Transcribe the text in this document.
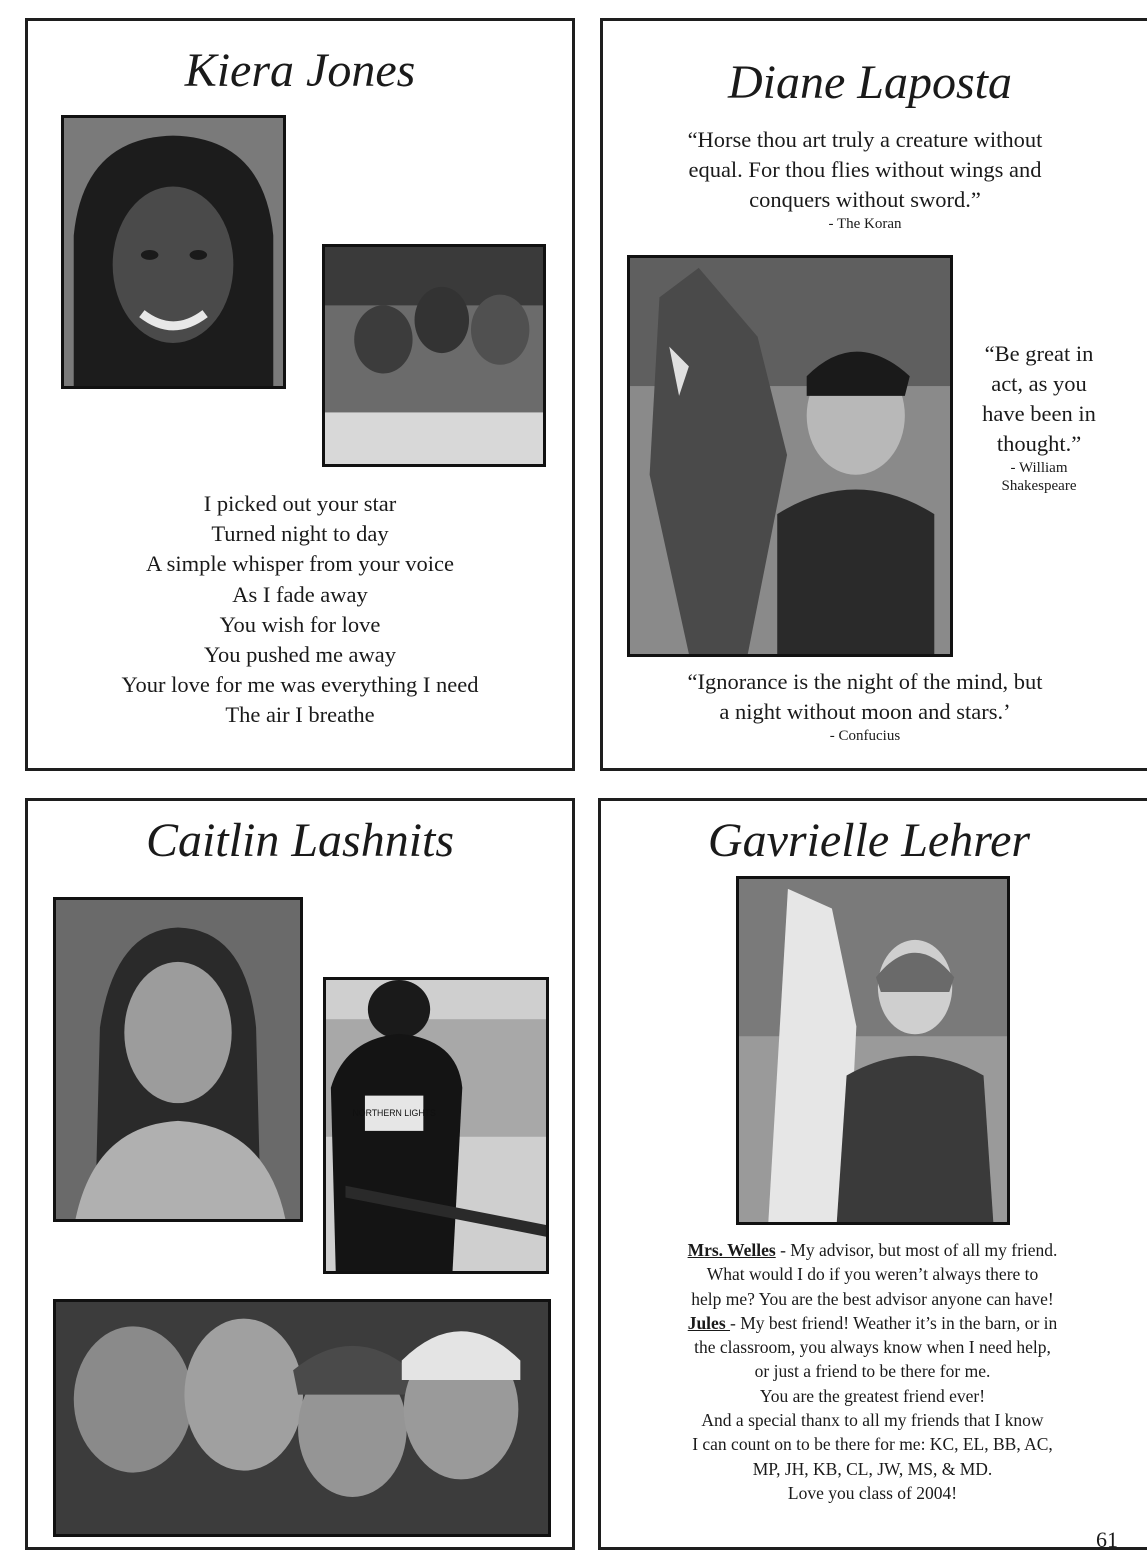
Kiera Jones

I picked out your star

Turned night to day

A simple whisper from your voice

As I fade away

You wish for love

You pushed me away

Your love for me was everything I need

The air I breathe

Diane Laposta

“Horse thou art truly a creature without

equal. For thou flies without wings and

conquers without sword.”

- The Koran

“Be great in

act, as you

have been in

thought.”

- William

Shakespeare

“Ignorance is the night of the mind, but

a night without moon and stars.’

- Confucius

Caitlin Lashnits
NORTHERN LIGHTS
Gavrielle Lehrer

Mrs. Welles - My advisor, but most of all my friend.

What would I do if you weren’t always there to

help me? You are the best advisor anyone can have!

Jules - My best friend! Weather it’s in the barn, or in

the classroom, you always know when I need help,

or just a friend to be there for me.

You are the greatest friend ever!

And a special thanx to all my friends that I know

I can count on to be there for me: KC, EL, BB, AC,

MP, JH, KB, CL, JW, MS, & MD.

Love you class of 2004!

61
